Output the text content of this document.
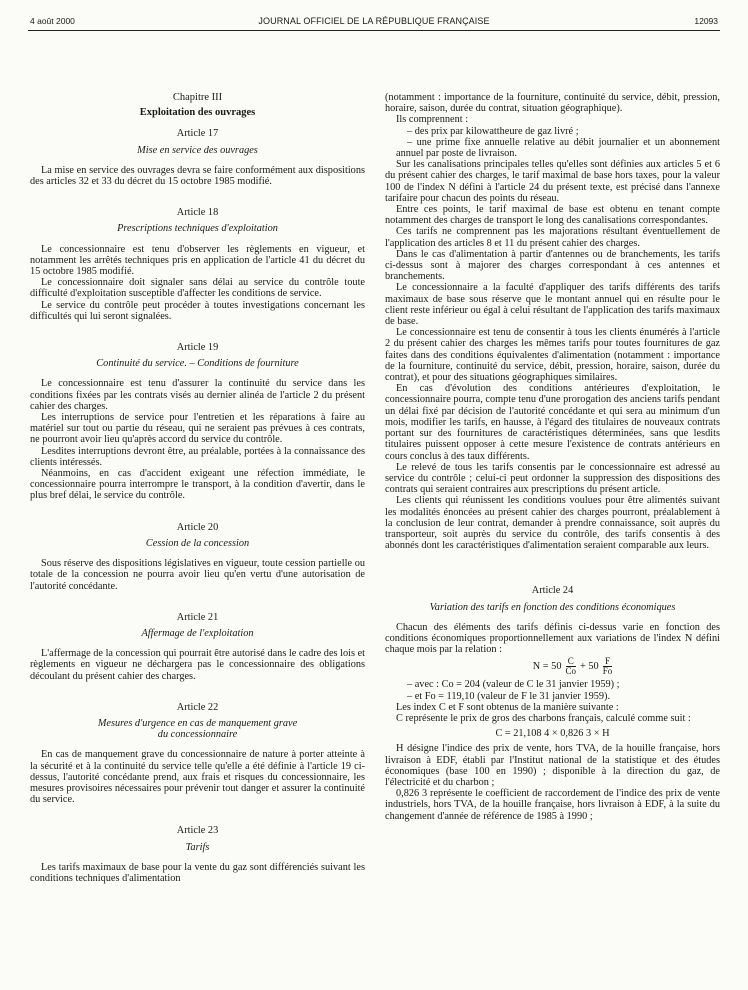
4 août 2000	JOURNAL OFFICIEL DE LA RÉPUBLIQUE FRANÇAISE	12093
Chapitre III
Exploitation des ouvrages
Article 17
Mise en service des ouvrages

La mise en service des ouvrages devra se faire conformément aux dispositions des articles 32 et 33 du décret du 15 octobre 1985 modifié.

Article 18
Prescriptions techniques d'exploitation

Le concessionnaire est tenu d'observer les règlements en vigueur, et notamment les arrêtés techniques pris en application de l'article 41 du décret du 15 octobre 1985 modifié.

Le concessionnaire doit signaler sans délai au service du contrôle toute difficulté d'exploitation susceptible d'affecter les conditions de service.

Le service du contrôle peut procéder à toutes investigations concernant les difficultés qui lui seront signalées.

Article 19
Continuité du service. – Conditions de fourniture

Le concessionnaire est tenu d'assurer la continuité du service dans les conditions fixées par les contrats visés au dernier alinéa de l'article 2 du présent cahier des charges.

Les interruptions de service pour l'entretien et les réparations à faire au matériel sur tout ou partie du réseau, qui ne seraient pas prévues à ces contrats, ne pourront avoir lieu qu'après accord du service du contrôle.

Lesdites interruptions devront être, au préalable, portées à la connaissance des clients intéressés.

Néanmoins, en cas d'accident exigeant une réfection immédiate, le concessionnaire pourra interrompre le transport, à la condition d'avertir, dans le plus bref délai, le service du contrôle.

Article 20
Cession de la concession

Sous réserve des dispositions législatives en vigueur, toute cession partielle ou totale de la concession ne pourra avoir lieu qu'en vertu d'une autorisation de l'autorité concédante.

Article 21
Affermage de l'exploitation

L'affermage de la concession qui pourrait être autorisé dans le cadre des lois et règlements en vigueur ne déchargera pas le concessionnaire des obligations découlant du présent cahier des charges.

Article 22
Mesures d'urgence en cas de manquement grave
du concessionnaire

En cas de manquement grave du concessionnaire de nature à porter atteinte à la sécurité et à la continuité du service telle qu'elle a été définie à l'article 19 ci-dessus, l'autorité concédante prend, aux frais et risques du concessionnaire, les mesures provisoires nécessaires pour prévenir tout danger et assurer la continuité du service.

Article 23
Tarifs

Les tarifs maximaux de base pour la vente du gaz sont différenciés suivant les conditions techniques d'alimentation

(notamment : importance de la fourniture, continuité du service, débit, pression, horaire, saison, durée du contrat, situation géographique).

Ils comprennent :

– des prix par kilowattheure de gaz livré ;

– une prime fixe annuelle relative au débit journalier et un abonnement annuel par poste de livraison.

Sur les canalisations principales telles qu'elles sont définies aux articles 5 et 6 du présent cahier des charges, le tarif maximal de base hors taxes, pour la valeur 100 de l'index N défini à l'article 24 du présent texte, est précisé dans l'annexe tarifaire pour chacun des points du réseau.

Entre ces points, le tarif maximal de base est obtenu en tenant compte notamment des charges de transport le long des canalisations correspondantes.

Ces tarifs ne comprennent pas les majorations résultant éventuellement de l'application des articles 8 et 11 du présent cahier des charges.

Dans le cas d'alimentation à partir d'antennes ou de branchements, les tarifs ci-dessus sont à majorer des charges correspondant à ces antennes et branchements.

Le concessionnaire a la faculté d'appliquer des tarifs différents des tarifs maximaux de base sous réserve que le montant annuel qui en résulte pour le client reste inférieur ou égal à celui résultant de l'application des tarifs maximaux de base.

Le concessionnaire est tenu de consentir à tous les clients énumérés à l'article 2 du présent cahier des charges les mêmes tarifs pour toutes fournitures de gaz faites dans des conditions équivalentes d'alimentation (notamment : importance de la fourniture, continuité du service, débit, pression, horaire, saison, durée du contrat), et pour des situations géographiques similaires.

En cas d'évolution des conditions antérieures d'exploitation, le concessionnaire pourra, compte tenu d'une prorogation des anciens tarifs pendant un délai fixé par décision de l'autorité concédante et qui sera au minimum d'un mois, modifier les tarifs, en hausse, à l'égard des titulaires de nouveaux contrats portant sur des fournitures de caractéristiques déterminées, sans que lesdits titulaires puissent opposer à cette mesure l'existence de contrats antérieurs en cours conclus à des taux différents.

Le relevé de tous les tarifs consentis par le concessionnaire est adressé au service du contrôle ; celui-ci peut ordonner la suppression des dispositions des contrats qui seraient contraires aux prescriptions du présent article.

Les clients qui réunissent les conditions voulues pour être alimentés suivant les modalités énoncées au présent cahier des charges pourront, préalablement à la conclusion de leur contrat, demander à prendre connaissance, soit auprès du transporteur, soit auprès du service du contrôle, des tarifs consentis à des abonnés dont les caractéristiques d'alimentation seraient comparable aux leurs.

Article 24
Variation des tarifs en fonction des conditions économiques

Chacun des éléments des tarifs définis ci-dessus varie en fonction des conditions économiques proportionnellement aux variations de l'index N défini chaque mois par la relation :

$N = 50 \frac{C}{Co} + 50 \frac{F}{Fo}$

– avec : Co = 204 (valeur de C le 31 janvier 1959) ;

– et Fo = 119,10 (valeur de F le 31 janvier 1959).

Les index C et F sont obtenus de la manière suivante :

C représente le prix de gros des charbons français, calculé comme suit :

C = 21,108 4 × 0,826 3 × H

H désigne l'indice des prix de vente, hors TVA, de la houille française, hors livraison à EDF, établi par l'Institut national de la statistique et des études économiques (base 100 en 1990) ; disponible à la direction du gaz, de l'électricité et du charbon ;

0,826 3 représente le coefficient de raccordement de l'indice des prix de vente industriels, hors TVA, de la houille française, hors livraison à EDF, à la suite du changement d'année de référence de 1985 à 1990 ;
